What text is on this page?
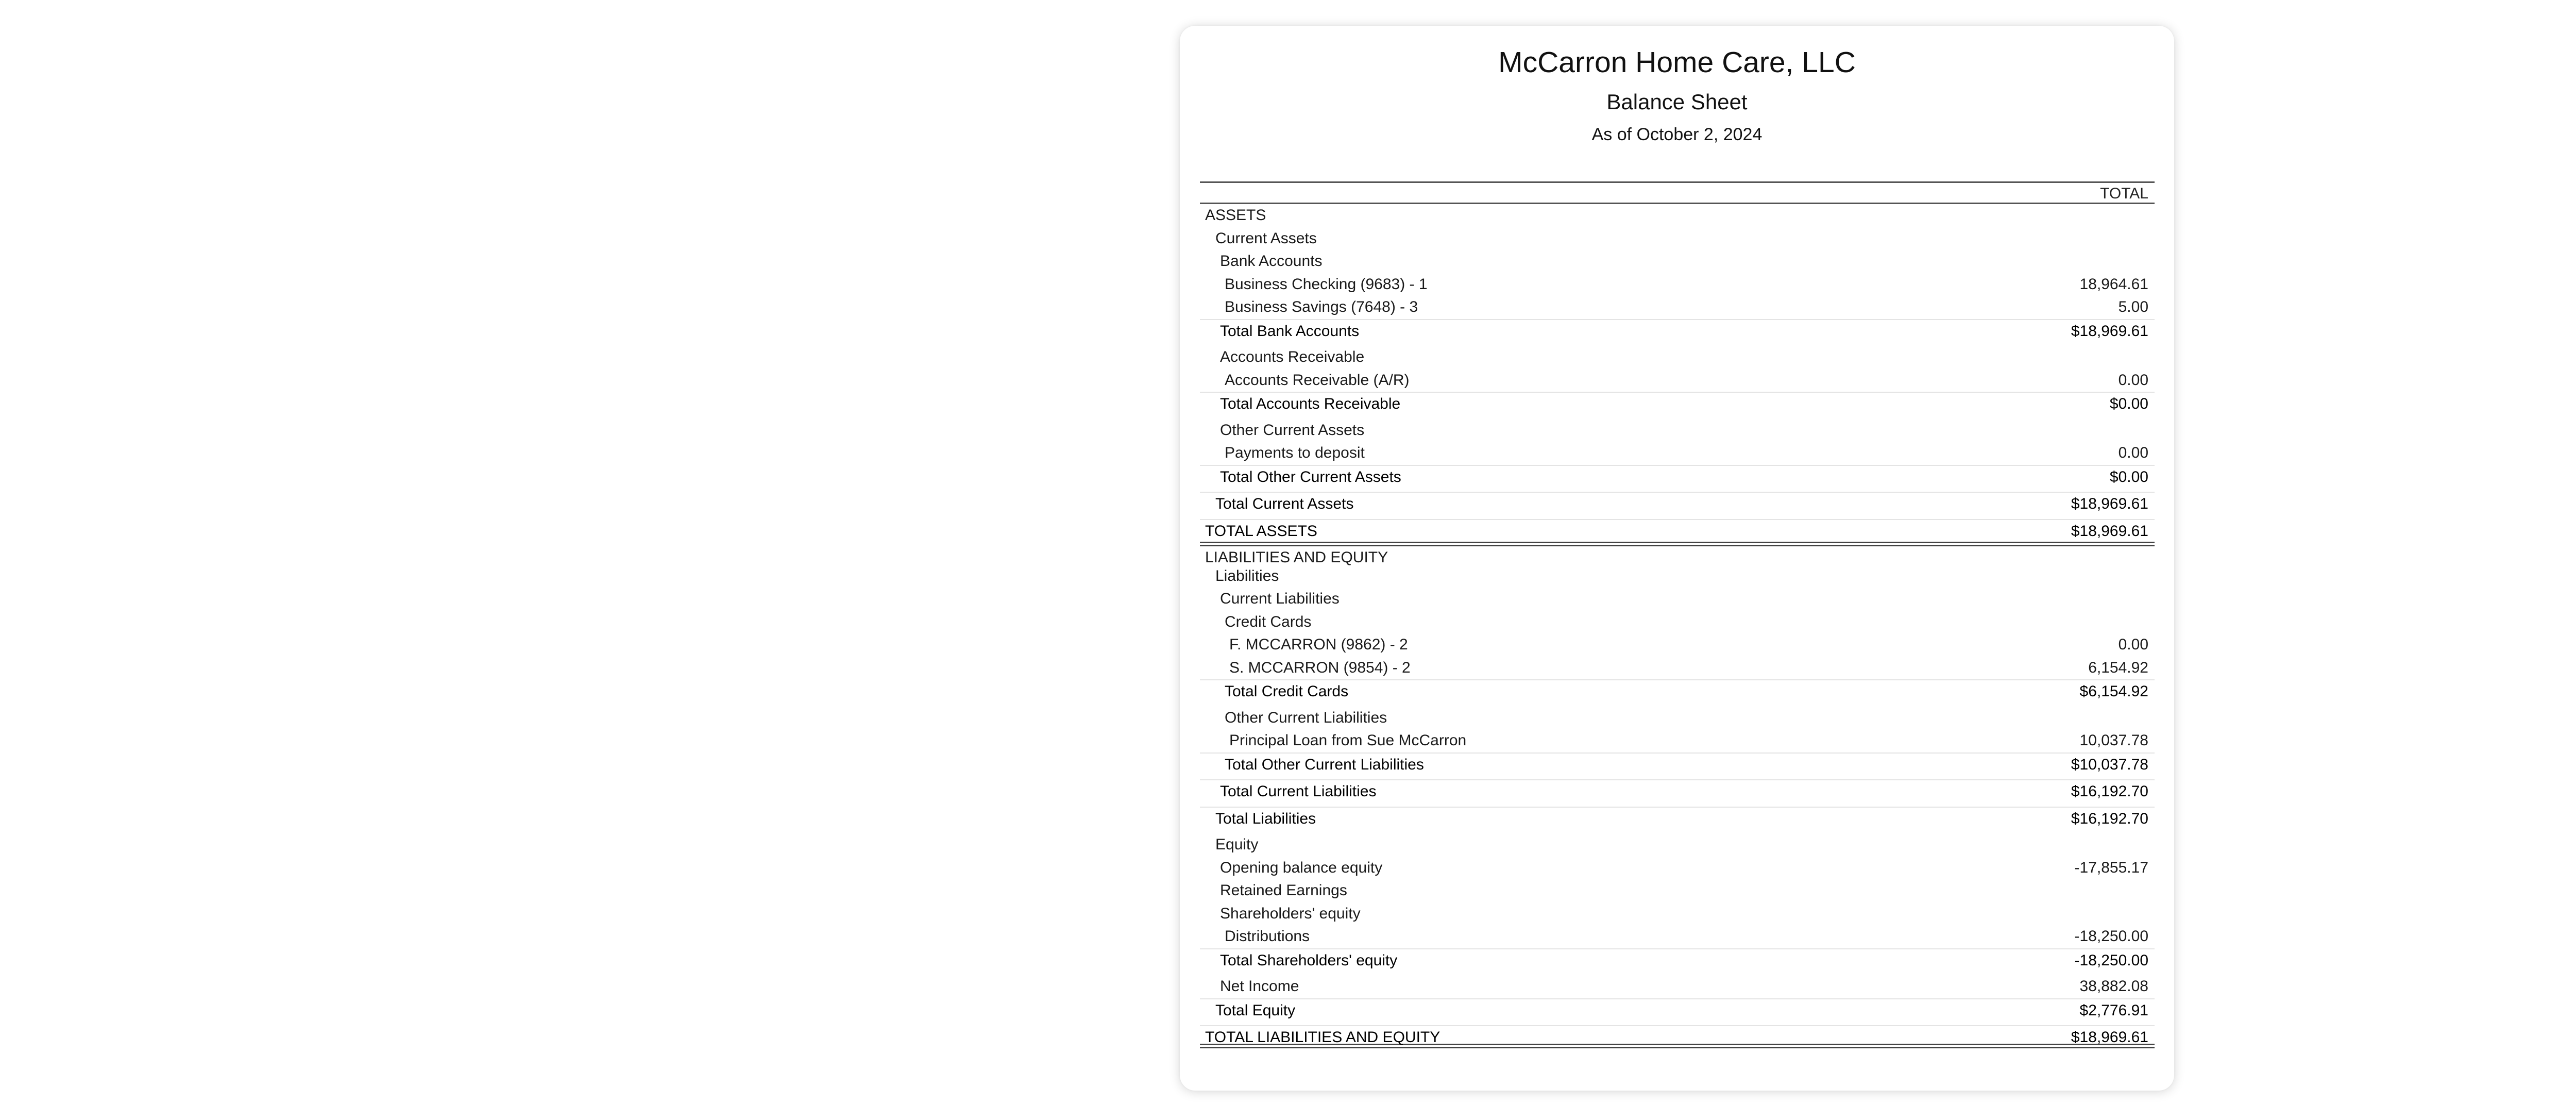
McCarron Home Care, LLC
Balance Sheet
As of October 2, 2024
TOTAL
ASSETS
Current Assets
Bank Accounts
Business Checking (9683) - 1	18,964.61
Business Savings (7648) - 3	5.00
Total Bank Accounts	$18,969.61
Accounts Receivable
Accounts Receivable (A/R)	0.00
Total Accounts Receivable	$0.00
Other Current Assets
Payments to deposit	0.00
Total Other Current Assets	$0.00
Total Current Assets	$18,969.61
TOTAL ASSETS	$18,969.61
LIABILITIES AND EQUITY
Liabilities
Current Liabilities
Credit Cards
F. MCCARRON (9862) - 2	0.00
S. MCCARRON (9854) - 2	6,154.92
Total Credit Cards	$6,154.92
Other Current Liabilities
Principal Loan from Sue McCarron	10,037.78
Total Other Current Liabilities	$10,037.78
Total Current Liabilities	$16,192.70
Total Liabilities	$16,192.70
Equity
Opening balance equity	-17,855.17
Retained Earnings
Shareholders' equity
Distributions	-18,250.00
Total Shareholders' equity	-18,250.00
Net Income	38,882.08
Total Equity	$2,776.91
TOTAL LIABILITIES AND EQUITY	$18,969.61
